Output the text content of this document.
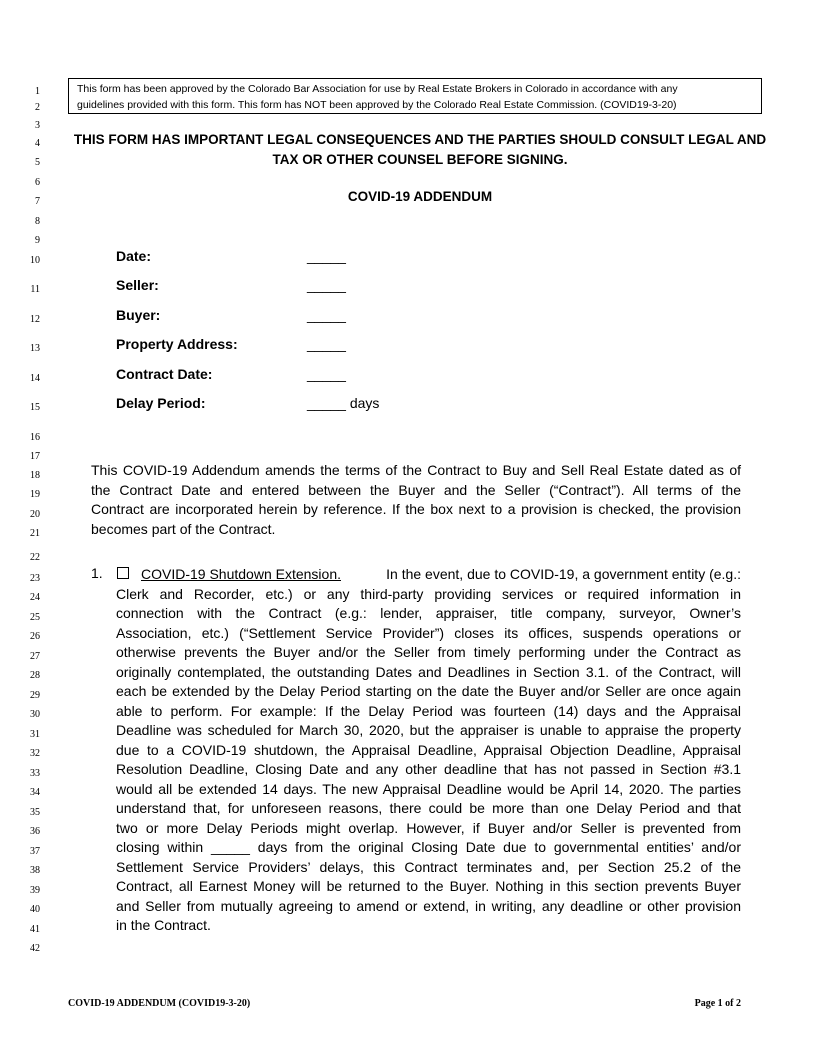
1
2
3
4
5
6
7
8
9
10
11
12
13
14
15
16
17
18
19
20
21
22
23
24
25
26
27
28
29
30
31
32
33
34
35
36
37
38
39
40
41
42
This form has been approved by the Colorado Bar Association for use by Real Estate Brokers in Colorado in accordance with any
guidelines provided with this form. This form has NOT been approved by the Colorado Real Estate Commission. (COVID19-3-20)
THIS FORM HAS IMPORTANT LEGAL CONSEQUENCES AND THE PARTIES SHOULD CONSULT LEGAL AND
TAX OR OTHER COUNSEL BEFORE SIGNING.
COVID-19 ADDENDUM
Date:	_____
Seller:	_____
Buyer:	_____
Property Address:	_____
Contract Date:	_____
Delay Period:	_____ days
This COVID-19 Addendum amends the terms of the Contract to Buy and Sell Real Estate dated as of
the Contract Date and entered between the Buyer and the Seller (“Contract”). All terms of the
Contract are incorporated herein by reference. If the box next to a provision is checked, the provision
becomes part of the Contract.
1.	COVID-19 Shutdown Extension.	In the event, due to COVID-19, a government entity (e.g.:
Clerk and Recorder, etc.) or any third-party providing services or required information in
connection with the Contract (e.g.: lender, appraiser, title company, surveyor, Owner’s
Association, etc.) (“Settlement Service Provider”) closes its offices, suspends operations or
otherwise prevents the Buyer and/or the Seller from timely performing under the Contract as
originally contemplated, the outstanding Dates and Deadlines in Section 3.1. of the Contract, will
each be extended by the Delay Period starting on the date the Buyer and/or Seller are once again
able to perform. For example: If the Delay Period was fourteen (14) days and the Appraisal
Deadline was scheduled for March 30, 2020, but the appraiser is unable to appraise the property
due to a COVID-19 shutdown, the Appraisal Deadline, Appraisal Objection Deadline, Appraisal
Resolution Deadline, Closing Date and any other deadline that has not passed in Section #3.1
would all be extended 14 days. The new Appraisal Deadline would be April 14, 2020. The parties
understand that, for unforeseen reasons, there could be more than one Delay Period and that
two or more Delay Periods might overlap. However, if Buyer and/or Seller is prevented from
closing within _____ days from the original Closing Date due to governmental entities’ and/or
Settlement Service Providers’ delays, this Contract terminates and, per Section 25.2 of the
Contract, all Earnest Money will be returned to the Buyer. Nothing in this section prevents Buyer
and Seller from mutually agreeing to amend or extend, in writing, any deadline or other provision
in the Contract.
COVID-19 ADDENDUM (COVID19-3-20)	Page 1 of 2
